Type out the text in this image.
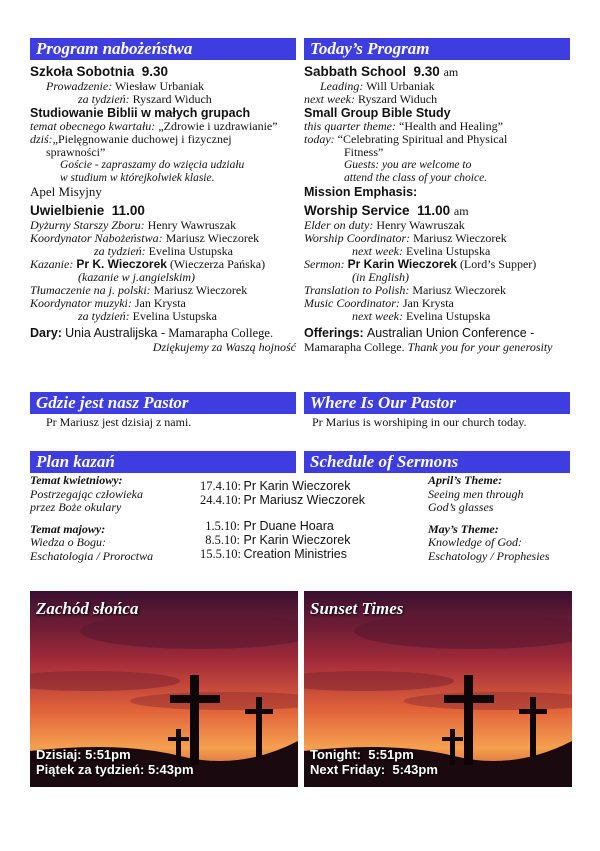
Program nabożeństwa
Szkoła Sobotnia 9.30
Prowadzenie: Wiesław Urbaniak
za tydzień: Ryszard Widuch
Studiowanie Biblii w małych grupach
temat obecnego kwartału: „Zdrowie i uzdrawianie”
dziś:„Pielęgnowanie duchowej i fizycznej
sprawności”
Goście - zapraszamy do wzięcia udziału
w studium w którejkolwiek klasie.
Apel Misyjny
Uwielbienie 11.00
Dyżurny Starszy Zboru: Henry Wawruszak
Koordynator Nabożeństwa: Mariusz Wieczorek
za tydzień: Evelina Ustupska
Kazanie: Pr K. Wieczorek (Wieczerza Pańska)
(kazanie w j.angielskim)
Tłumaczenie na j. polski: Mariusz Wieczorek
Koordynator muzyki: Jan Krysta
za tydzień: Evelina Ustupska
Dary: Unia Australijska - Mamarapha College.
Dziękujemy za Waszą hojność
Today’s Program
Sabbath School 9.30 am
Leading: Will Urbaniak
next week: Ryszard Widuch
Small Group Bible Study
this quarter theme: “Health and Healing”
today: “Celebrating Spiritual and Physical
Fitness”
Guests: you are welcome to
attend the class of your choice.
Mission Emphasis:
Worship Service 11.00 am
Elder on duty: Henry Wawruszak
Worship Coordinator: Mariusz Wieczorek
next week: Evelina Ustupska
Sermon: Pr Karin Wieczorek (Lord’s Supper)
(in English)
Translation to Polish: Mariusz Wieczorek
Music Coordinator: Jan Krysta
next week: Evelina Ustupska
Offerings: Australian Union Conference -
Mamarapha College. Thank you for your generosity
Gdzie jest nasz Pastor
Pr Mariusz jest dzisiaj z nami.
Where Is Our Pastor
Pr Marius is worshiping in our church today.
Plan kazań	Schedule of Sermons
Temat kwietniowy:
Postrzegając człowieka
przez Boże okulary
Temat majowy:
Wiedza o Bogu:
Eschatologia / Proroctwa
17.4.10: Pr Karin Wieczorek
24.4.10: Pr Mariusz Wieczorek
1.5.10: Pr Duane Hoara
8.5.10: Pr Karin Wieczorek
15.5.10: Creation Ministries
April’s Theme:
Seeing men through
God’s glasses
May’s Theme:
Knowledge of God:
Eschatology / Prophesies
Zachód słońca
Dzisiaj: 5:51pm
Piątek za tydzień: 5:43pm
Sunset Times
Tonight: 5:51pm
Next Friday: 5:43pm
